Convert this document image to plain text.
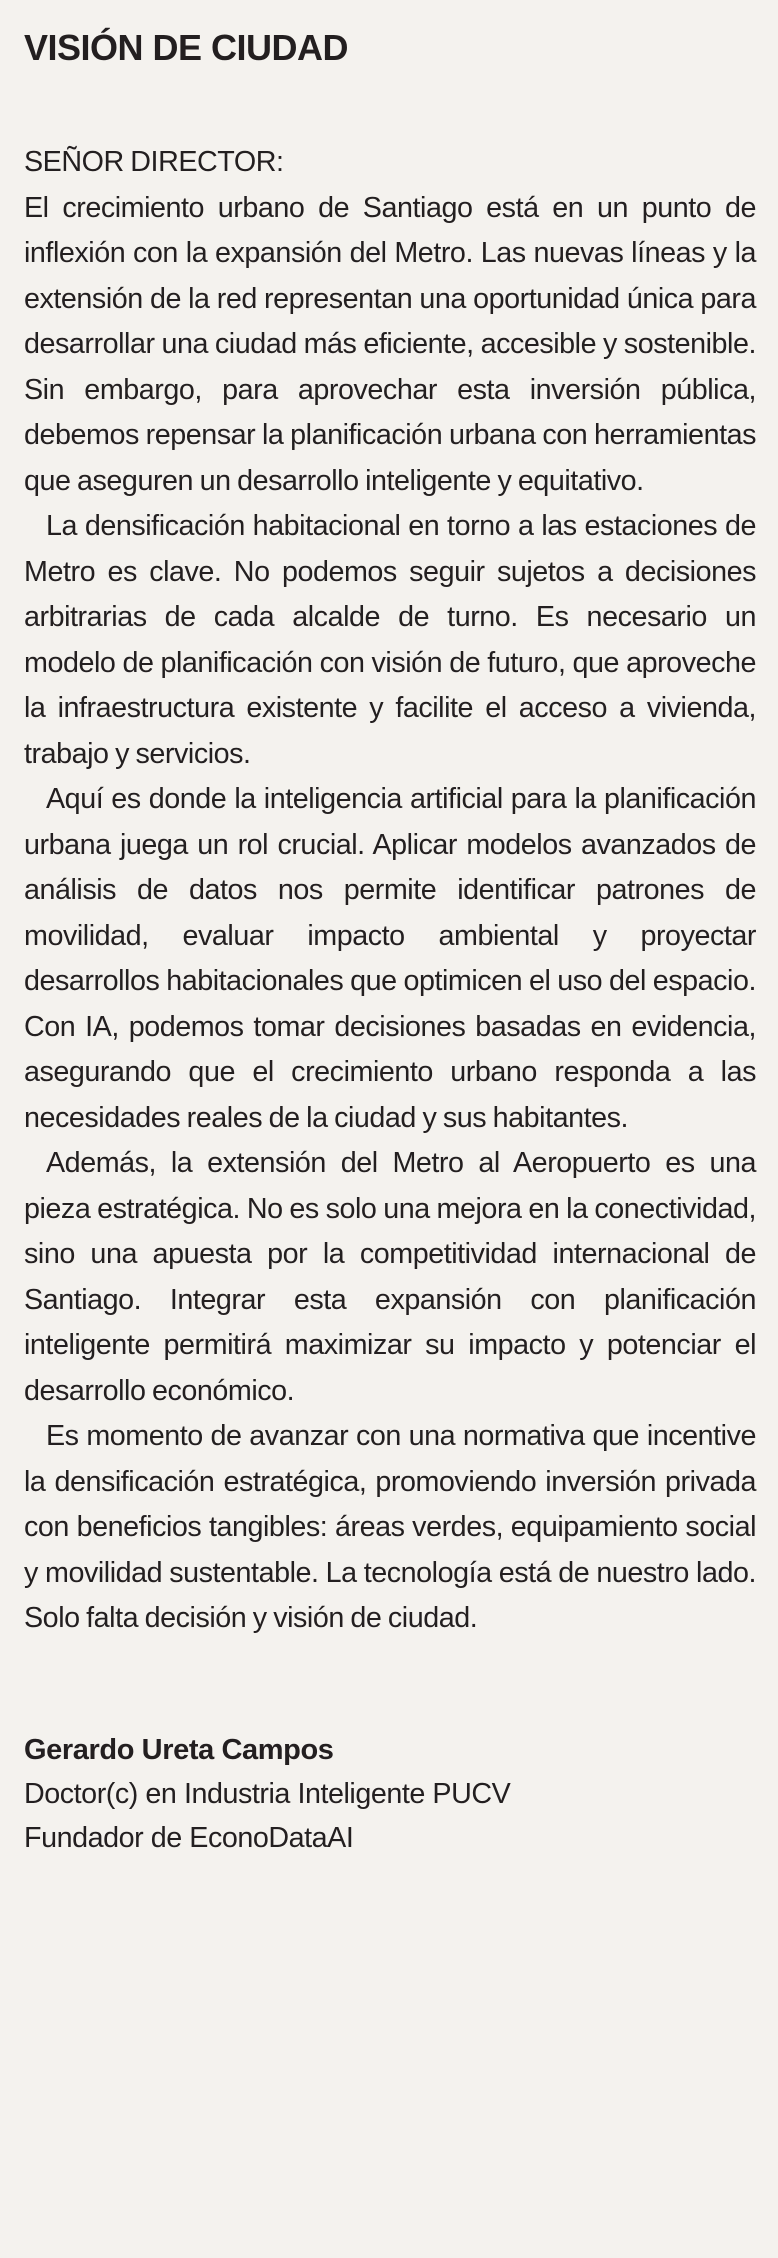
VISIÓN DE CIUDAD

SEÑOR DIRECTOR:

El crecimiento urbano de Santiago está en un punto de inflexión con la expansión del Metro. Las nuevas líneas y la extensión de la red representan una oportunidad única para desarrollar una ciudad más eficiente, accesible y sostenible. Sin embargo, para aprovechar esta inversión pública, debemos repensar la planificación urbana con herramientas que aseguren un desarrollo inteligente y equitativo.

La densificación habitacional en torno a las estaciones de Metro es clave. No podemos seguir sujetos a decisiones arbitrarias de cada alcalde de turno. Es necesario un modelo de planificación con visión de futuro, que aproveche la infraestructura existente y facilite el acceso a vivienda, trabajo y servicios.

Aquí es donde la inteligencia artificial para la planificación urbana juega un rol crucial. Aplicar modelos avanzados de análisis de datos nos permite identificar patrones de movilidad, evaluar impacto ambiental y proyectar desarrollos habitacionales que optimicen el uso del espacio. Con IA, podemos tomar decisiones basadas en evidencia, asegurando que el crecimiento urbano responda a las necesidades reales de la ciudad y sus habitantes.

Además, la extensión del Metro al Aeropuerto es una pieza estratégica. No es solo una mejora en la conectividad, sino una apuesta por la competitividad internacional de Santiago. Integrar esta expansión con planificación inteligente permitirá maximizar su impacto y potenciar el desarrollo económico.

Es momento de avanzar con una normativa que incentive la densificación estratégica, promoviendo inversión privada con beneficios tangibles: áreas verdes, equipamiento social y movilidad sustentable. La tecnología está de nuestro lado. Solo falta decisión y visión de ciudad.

Gerardo Ureta Campos
Doctor(c) en Industria Inteligente PUCV
Fundador de EconoDataAI
